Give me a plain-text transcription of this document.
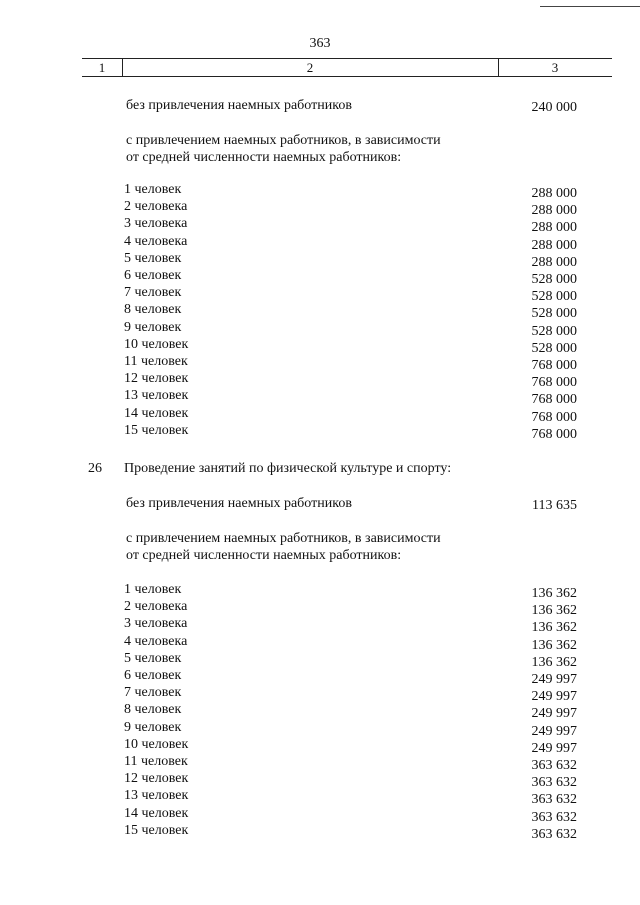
363
1	2	3
без привлечения наемных работников	240 000
с привлечением наемных работников, в зависимости
от средней численности наемных работников:
1 человек	288 000
2 человека	288 000
3 человека	288 000
4 человека	288 000
5 человек	288 000
6 человек	528 000
7 человек	528 000
8 человек	528 000
9 человек	528 000
10 человек	528 000
11 человек	768 000
12 человек	768 000
13 человек	768 000
14 человек	768 000
15 человек	768 000
26 Проведение занятий по физической культуре и спорту:
без привлечения наемных работников	113 635
с привлечением наемных работников, в зависимости
от средней численности наемных работников:
1 человек	136 362
2 человека	136 362
3 человека	136 362
4 человека	136 362
5 человек	136 362
6 человек	249 997
7 человек	249 997
8 человек	249 997
9 человек	249 997
10 человек	249 997
11 человек	363 632
12 человек	363 632
13 человек	363 632
14 человек	363 632
15 человек	363 632
